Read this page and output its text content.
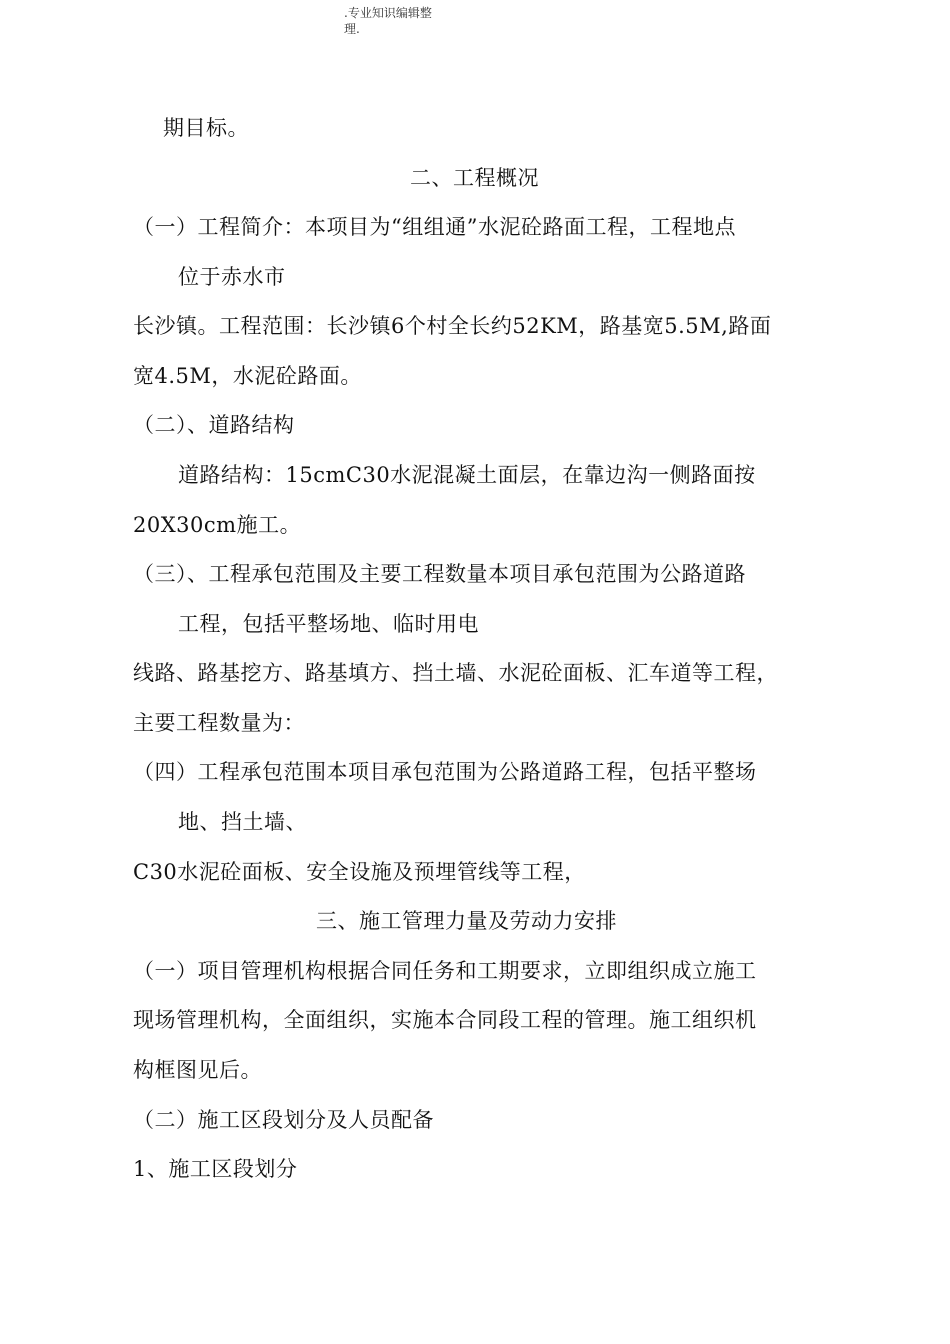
.专业知识编辑整
理.
期目标。
二、工程概况
（一）工程简介：本项目为“组组通”水泥砼路面工程，工程地点
位于赤水市
长沙镇。工程范围：长沙镇6个村全长约52KM，路基宽5.5M,路面
宽4.5M，水泥砼路面。
（二）、道路结构
道路结构：15cmC30水泥混凝土面层，在靠边沟一侧路面按
20X30cm施工。
（三）、工程承包范围及主要工程数量本项目承包范围为公路道路
工程，包括平整场地、临时用电
线路、路基挖方、路基填方、挡土墙、水泥砼面板、汇车道等工程，
主要工程数量为：
（四）工程承包范围本项目承包范围为公路道路工程，包括平整场
地、挡土墙、
C30水泥砼面板、安全设施及预埋管线等工程，
三、施工管理力量及劳动力安排
（一）项目管理机构根据合同任务和工期要求，立即组织成立施工
现场管理机构，全面组织，实施本合同段工程的管理。施工组织机
构框图见后。
（二）施工区段划分及人员配备
1、施工区段划分
